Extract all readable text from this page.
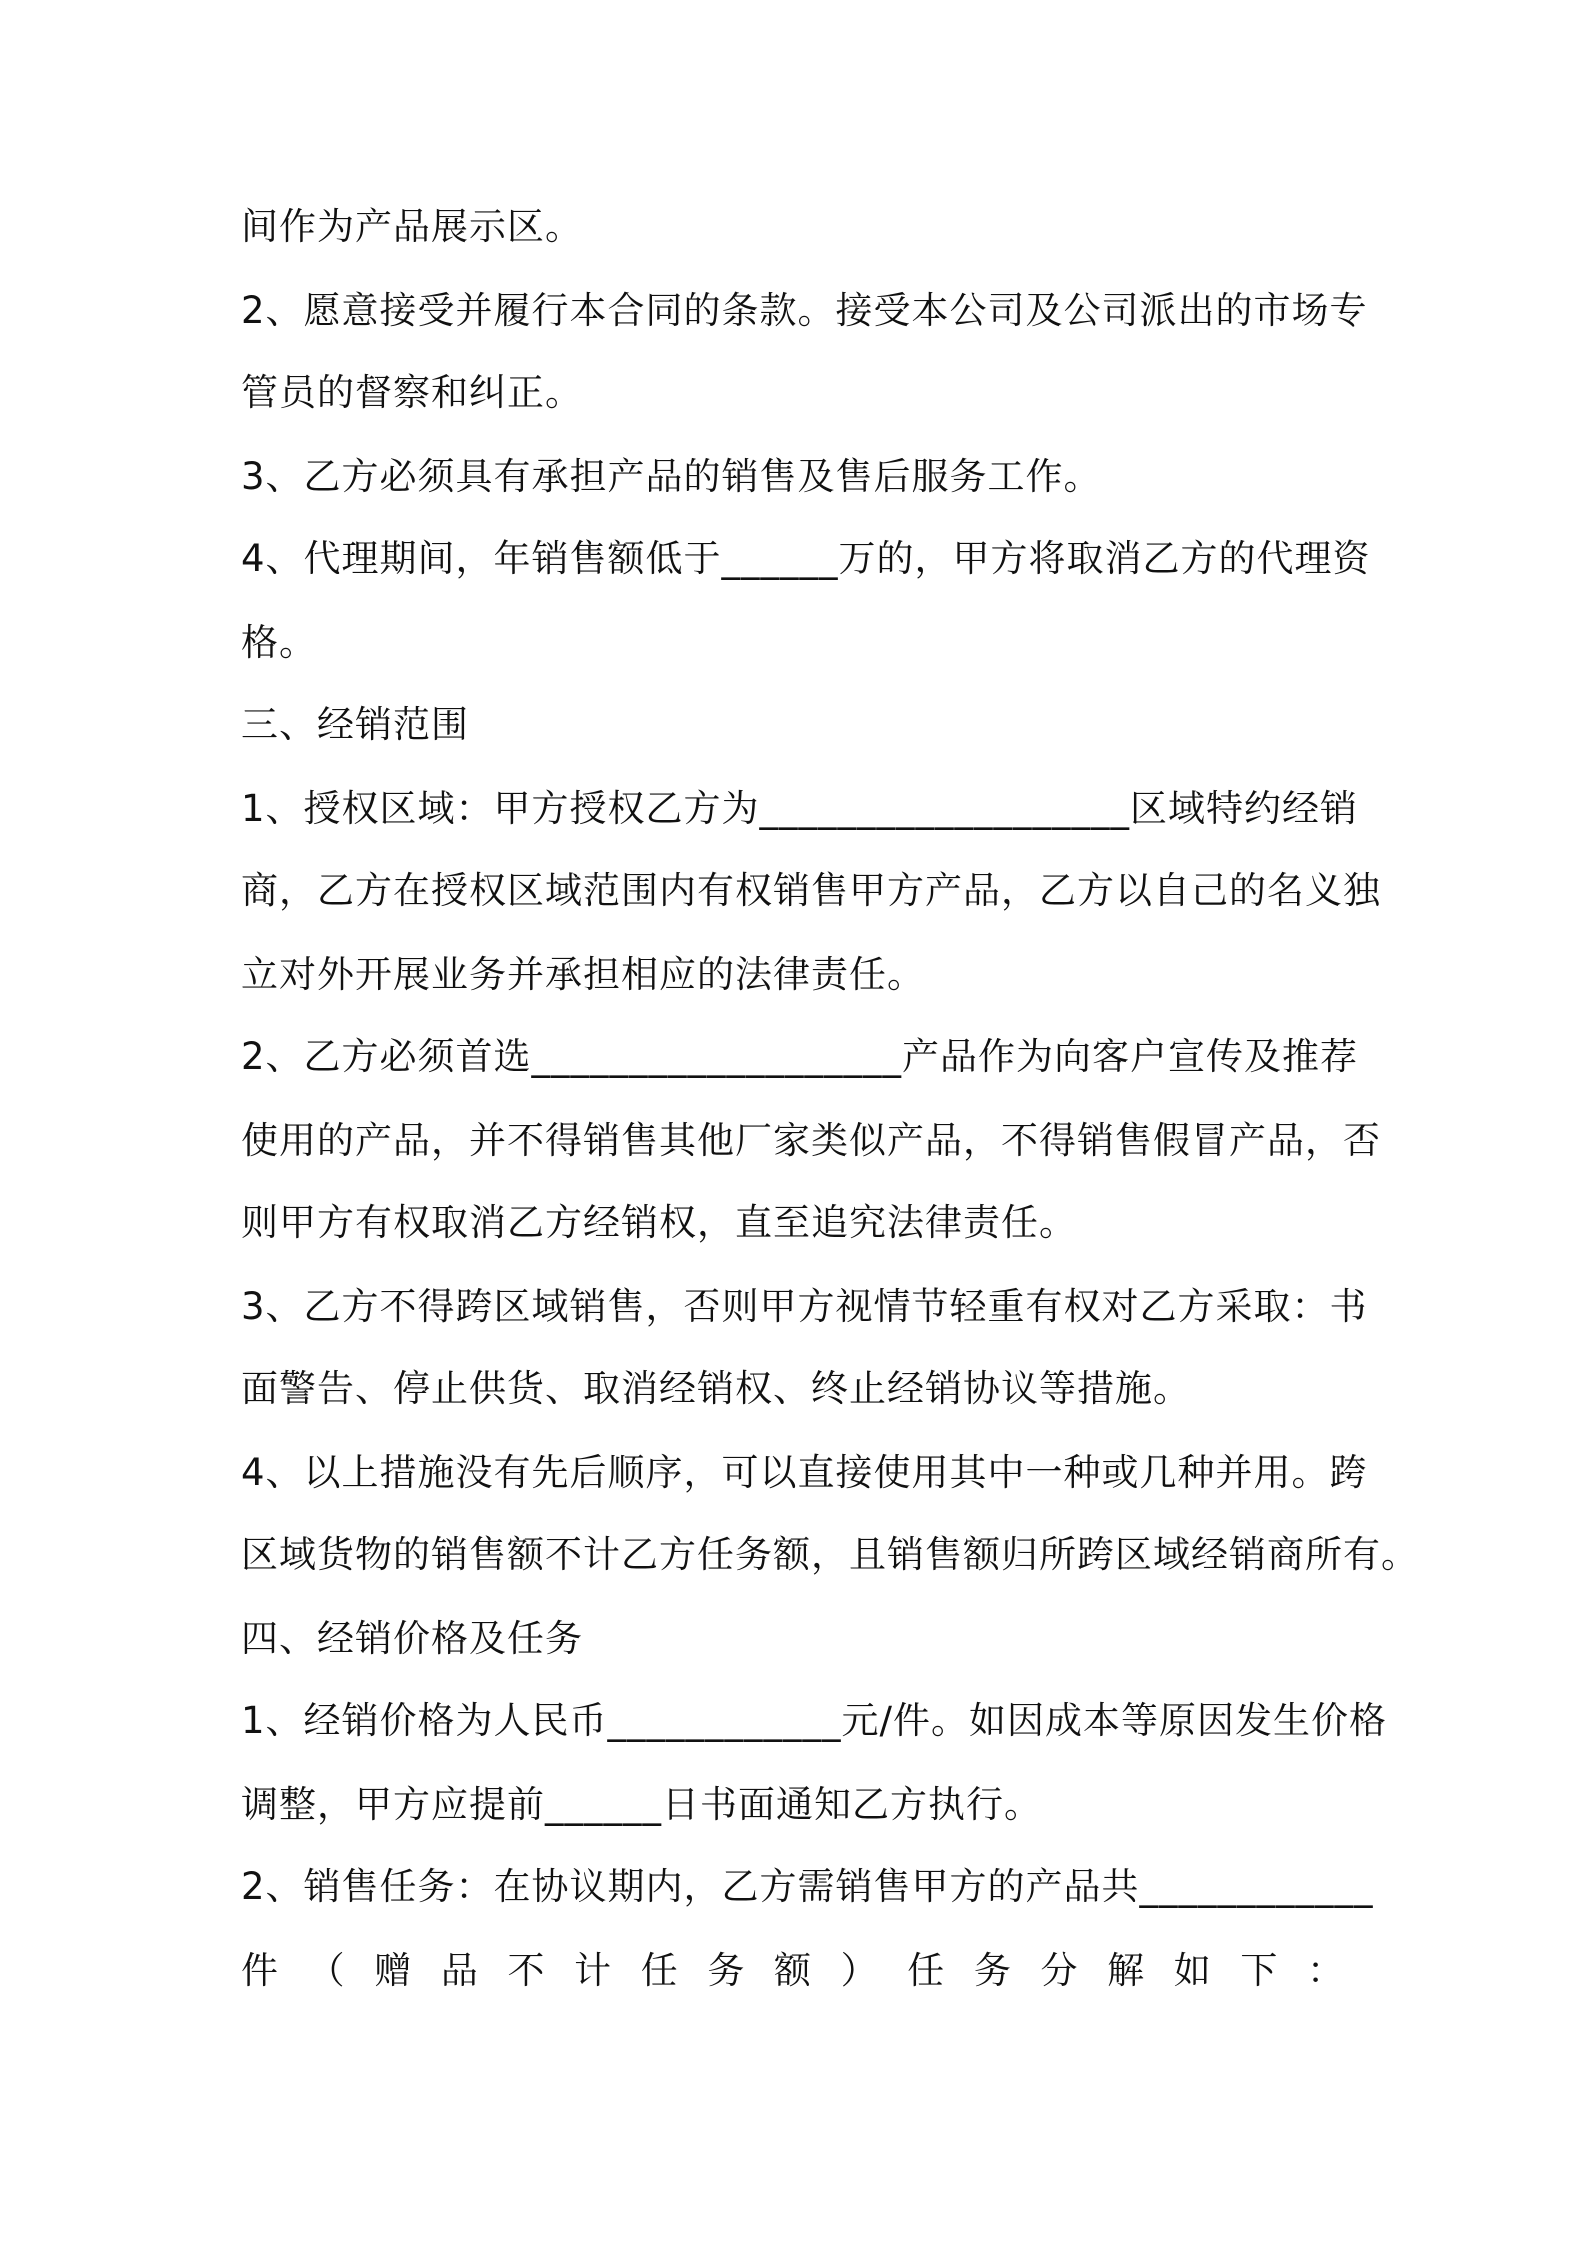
间作为产品展示区。
2、愿意接受并履行本合同的条款。接受本公司及公司派出的市场专
管员的督察和纠正。
3、乙方必须具有承担产品的销售及售后服务工作。
4、代理期间，年销售额低于______万的，甲方将取消乙方的代理资
格。
三、经销范围
1、授权区域：甲方授权乙方为___________________区域特约经销
商，乙方在授权区域范围内有权销售甲方产品，乙方以自己的名义独
立对外开展业务并承担相应的法律责任。
2、乙方必须首选___________________产品作为向客户宣传及推荐
使用的产品，并不得销售其他厂家类似产品，不得销售假冒产品，否
则甲方有权取消乙方经销权，直至追究法律责任。
3、乙方不得跨区域销售，否则甲方视情节轻重有权对乙方采取：书
面警告、停止供货、取消经销权、终止经销协议等措施。
4、以上措施没有先后顺序，可以直接使用其中一种或几种并用。跨
区域货物的销售额不计乙方任务额，且销售额归所跨区域经销商所有。
四、经销价格及任务
1、经销价格为人民币____________元/件。如因成本等原因发生价格
调整，甲方应提前______日书面通知乙方执行。
2、销售任务：在协议期内，乙方需销售甲方的产品共____________
件 （ 赠 品 不 计 任 务 额 ） 任 务 分 解 如 下 ：
